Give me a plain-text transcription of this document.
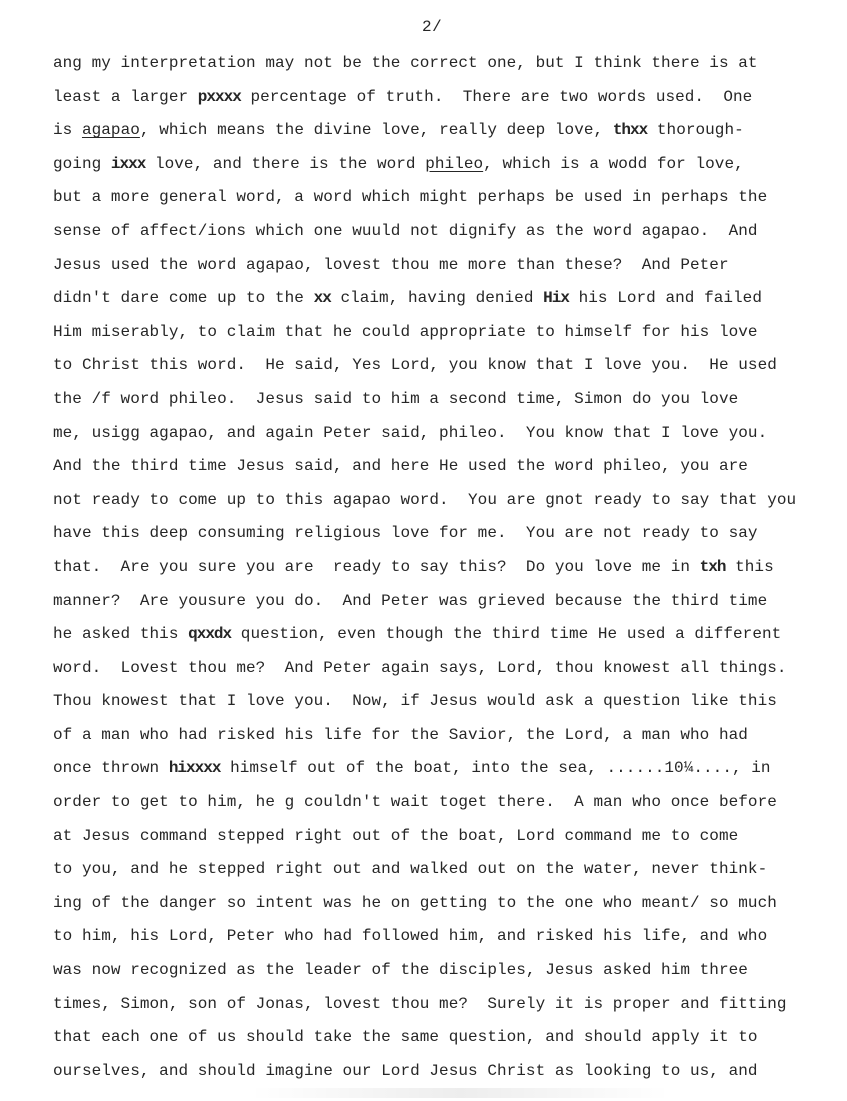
2/
ang my interpretation may not be the correct one, but I think there is at
least a larger pxxxx percentage of truth.  There are two words used.  One
is agapao, which means the divine love, really deep love, thxx thorough-
going ixxx love, and there is the word phileo, which is a wodd for love,
but a more general word, a word which might perhaps be used in perhaps the
sense of affect/ions which one wuuld not dignify as the word agapao.  And
Jesus used the word agapao, lovest thou me more than these?  And Peter
didn't dare come up to the xx claim, having denied Hix his Lord and failed
Him miserably, to claim that he could appropriate to himself for his love
to Christ this word.  He said, Yes Lord, you know that I love you.  He used
the /f word phileo.  Jesus said to him a second time, Simon do you love
me, usigg agapao, and again Peter said, phileo.  You know that I love you.
And the third time Jesus said, and here He used the word phileo, you are
not ready to come up to this agapao word.  You are gnot ready to say that you
have this deep consuming religious love for me.  You are not ready to say
that.  Are you sure you are  ready to say this?  Do you love me in txh this
manner?  Are yousure you do.  And Peter was grieved because the third time
he asked this qxxdx question, even though the third time He used a different
word.  Lovest thou me?  And Peter again says, Lord, thou knowest all things.
Thou knowest that I love you.  Now, if Jesus would ask a question like this
of a man who had risked his life for the Savior, the Lord, a man who had
once thrown hixxxx himself out of the boat, into the sea, ......10¼...., in
order to get to him, he g couldn't wait toget there.  A man who once before
at Jesus command stepped right out of the boat, Lord command me to come
to you, and he stepped right out and walked out on the water, never think-
ing of the danger so intent was he on getting to the one who meant/ so much
to him, his Lord, Peter who had followed him, and risked his life, and who
was now recognized as the leader of the disciples, Jesus asked him three
times, Simon, son of Jonas, lovest thou me?  Surely it is proper and fitting
that each one of us should take the same question, and should apply it to
ourselves, and should imagine our Lord Jesus Christ as looking to us, and
